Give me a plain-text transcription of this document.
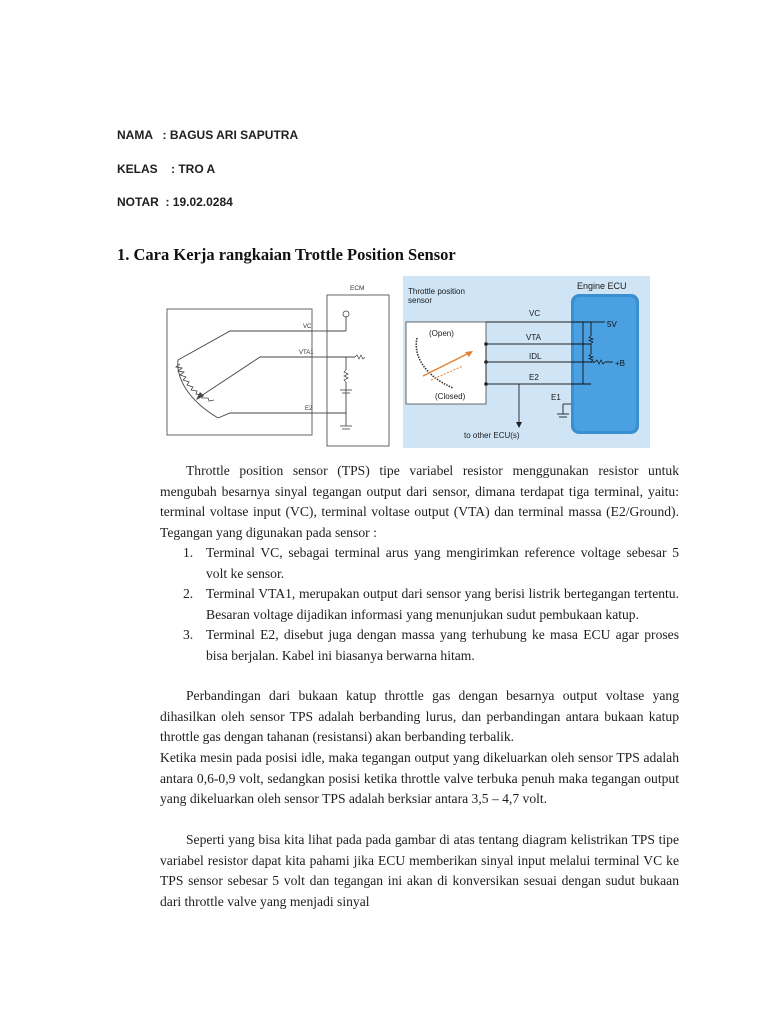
NAMA   : BAGUS ARI SAPUTRA
KELAS    : TRO A
NOTAR  : 19.02.0284
1. Cara Kerja rangkaian Trottle Position Sensor
ECM
VC
VTA1
E2
Engine ECU
Throttle position
sensor
(Open)
(Closed)
VC
VTA
IDL
E2
E1
to other ECU(s)
5V
+B

Throttle position sensor (TPS) tipe variabel resistor menggunakan resistor untuk mengubah besarnya sinyal tegangan output dari sensor, dimana terdapat tiga terminal, yaitu: terminal voltase input (VC), terminal voltase output (VTA) dan terminal massa (E2/Ground). Tegangan yang digunakan pada sensor :

1. Terminal VC, sebagai terminal arus yang mengirimkan reference voltage sebesar 5 volt ke sensor.
2. Terminal VTA1, merupakan output dari sensor yang berisi listrik bertegangan tertentu. Besaran voltage dijadikan informasi yang menunjukan sudut pembukaan katup.
3. Terminal E2, disebut juga dengan massa yang terhubung ke masa ECU agar proses bisa berjalan. Kabel ini biasanya berwarna hitam.

Perbandingan dari bukaan katup throttle gas dengan besarnya output voltase yang dihasilkan oleh sensor TPS adalah berbanding lurus, dan perbandingan antara bukaan katup throttle gas dengan tahanan (resistansi) akan berbanding terbalik.

Ketika mesin pada posisi idle, maka tegangan output yang dikeluarkan oleh sensor TPS adalah antara 0,6-0,9 volt, sedangkan posisi ketika throttle valve terbuka penuh maka tegangan output yang dikeluarkan oleh sensor TPS adalah berksiar antara 3,5 – 4,7 volt.

Seperti yang bisa kita lihat pada pada gambar di atas tentang diagram kelistrikan TPS tipe variabel resistor dapat kita pahami jika ECU memberikan sinyal input melalui terminal VC ke TPS sensor sebesar 5 volt dan tegangan ini akan di konversikan sesuai dengan sudut bukaan dari throttle valve yang menjadi sinyal
